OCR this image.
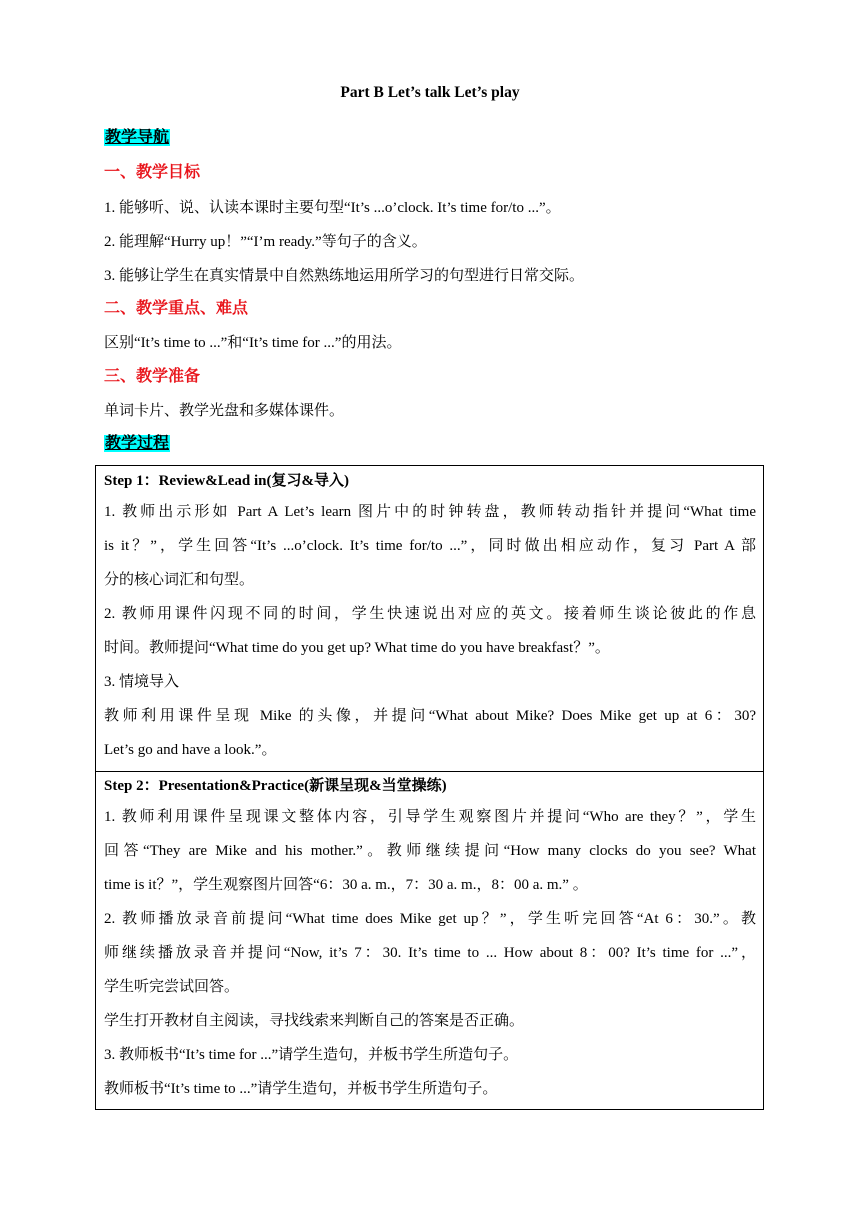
Part B Let’s talk Let’s play
教学导航
一、教学目标
1. 能够听、说、认读本课时主要句型“It’s ...o’clock. It’s time for/to ...”。
2. 能理解“Hurry up！”“I’m ready.”等句子的含义。
3. 能够让学生在真实情景中自然熟练地运用所学习的句型进行日常交际。
二、教学重点、难点
区别“It’s time to ...”和“It’s time for ...”的用法。
三、教学准备
单词卡片、教学光盘和多媒体课件。
教学过程

Step 1：Review&Lead in(复习&导入)

1. 教师出示形如 Part A Let’s learn 图片中的时钟转盘，教师转动指针并提问“What time

is it？”，学生回答“It’s ...o’clock. It’s time for/to ...”，同时做出相应动作，复习 Part A 部

分的核心词汇和句型。

2. 教师用课件闪现不同的时间，学生快速说出对应的英文。接着师生谈论彼此的作息

时间。教师提问“What time do you get up? What time do you have breakfast？”。

3. 情境导入

教师利用课件呈现 Mike 的头像，并提问“What about Mike? Does Mike get up at 6：30?

Let’s go and have a look.”。

Step 2：Presentation&Practice(新课呈现&当堂操练)

1. 教师利用课件呈现课文整体内容，引导学生观察图片并提问“Who are they？”，学生

回答“They are Mike and his mother.”。教师继续提问“How many clocks do you see? What

time is it？”，学生观察图片回答“6：30 a. m.，7：30 a. m.，8：00 a. m.” 。

2. 教师播放录音前提问“What time does Mike get up？”，学生听完回答“At 6：30.”。教

师继续播放录音并提问“Now, it’s 7：30. It’s time to ... How about 8：00? It’s time for ...”，

学生听完尝试回答。

学生打开教材自主阅读，寻找线索来判断自己的答案是否正确。

3. 教师板书“It’s time for ...”请学生造句，并板书学生所造句子。

教师板书“It’s time to ...”请学生造句，并板书学生所造句子。
